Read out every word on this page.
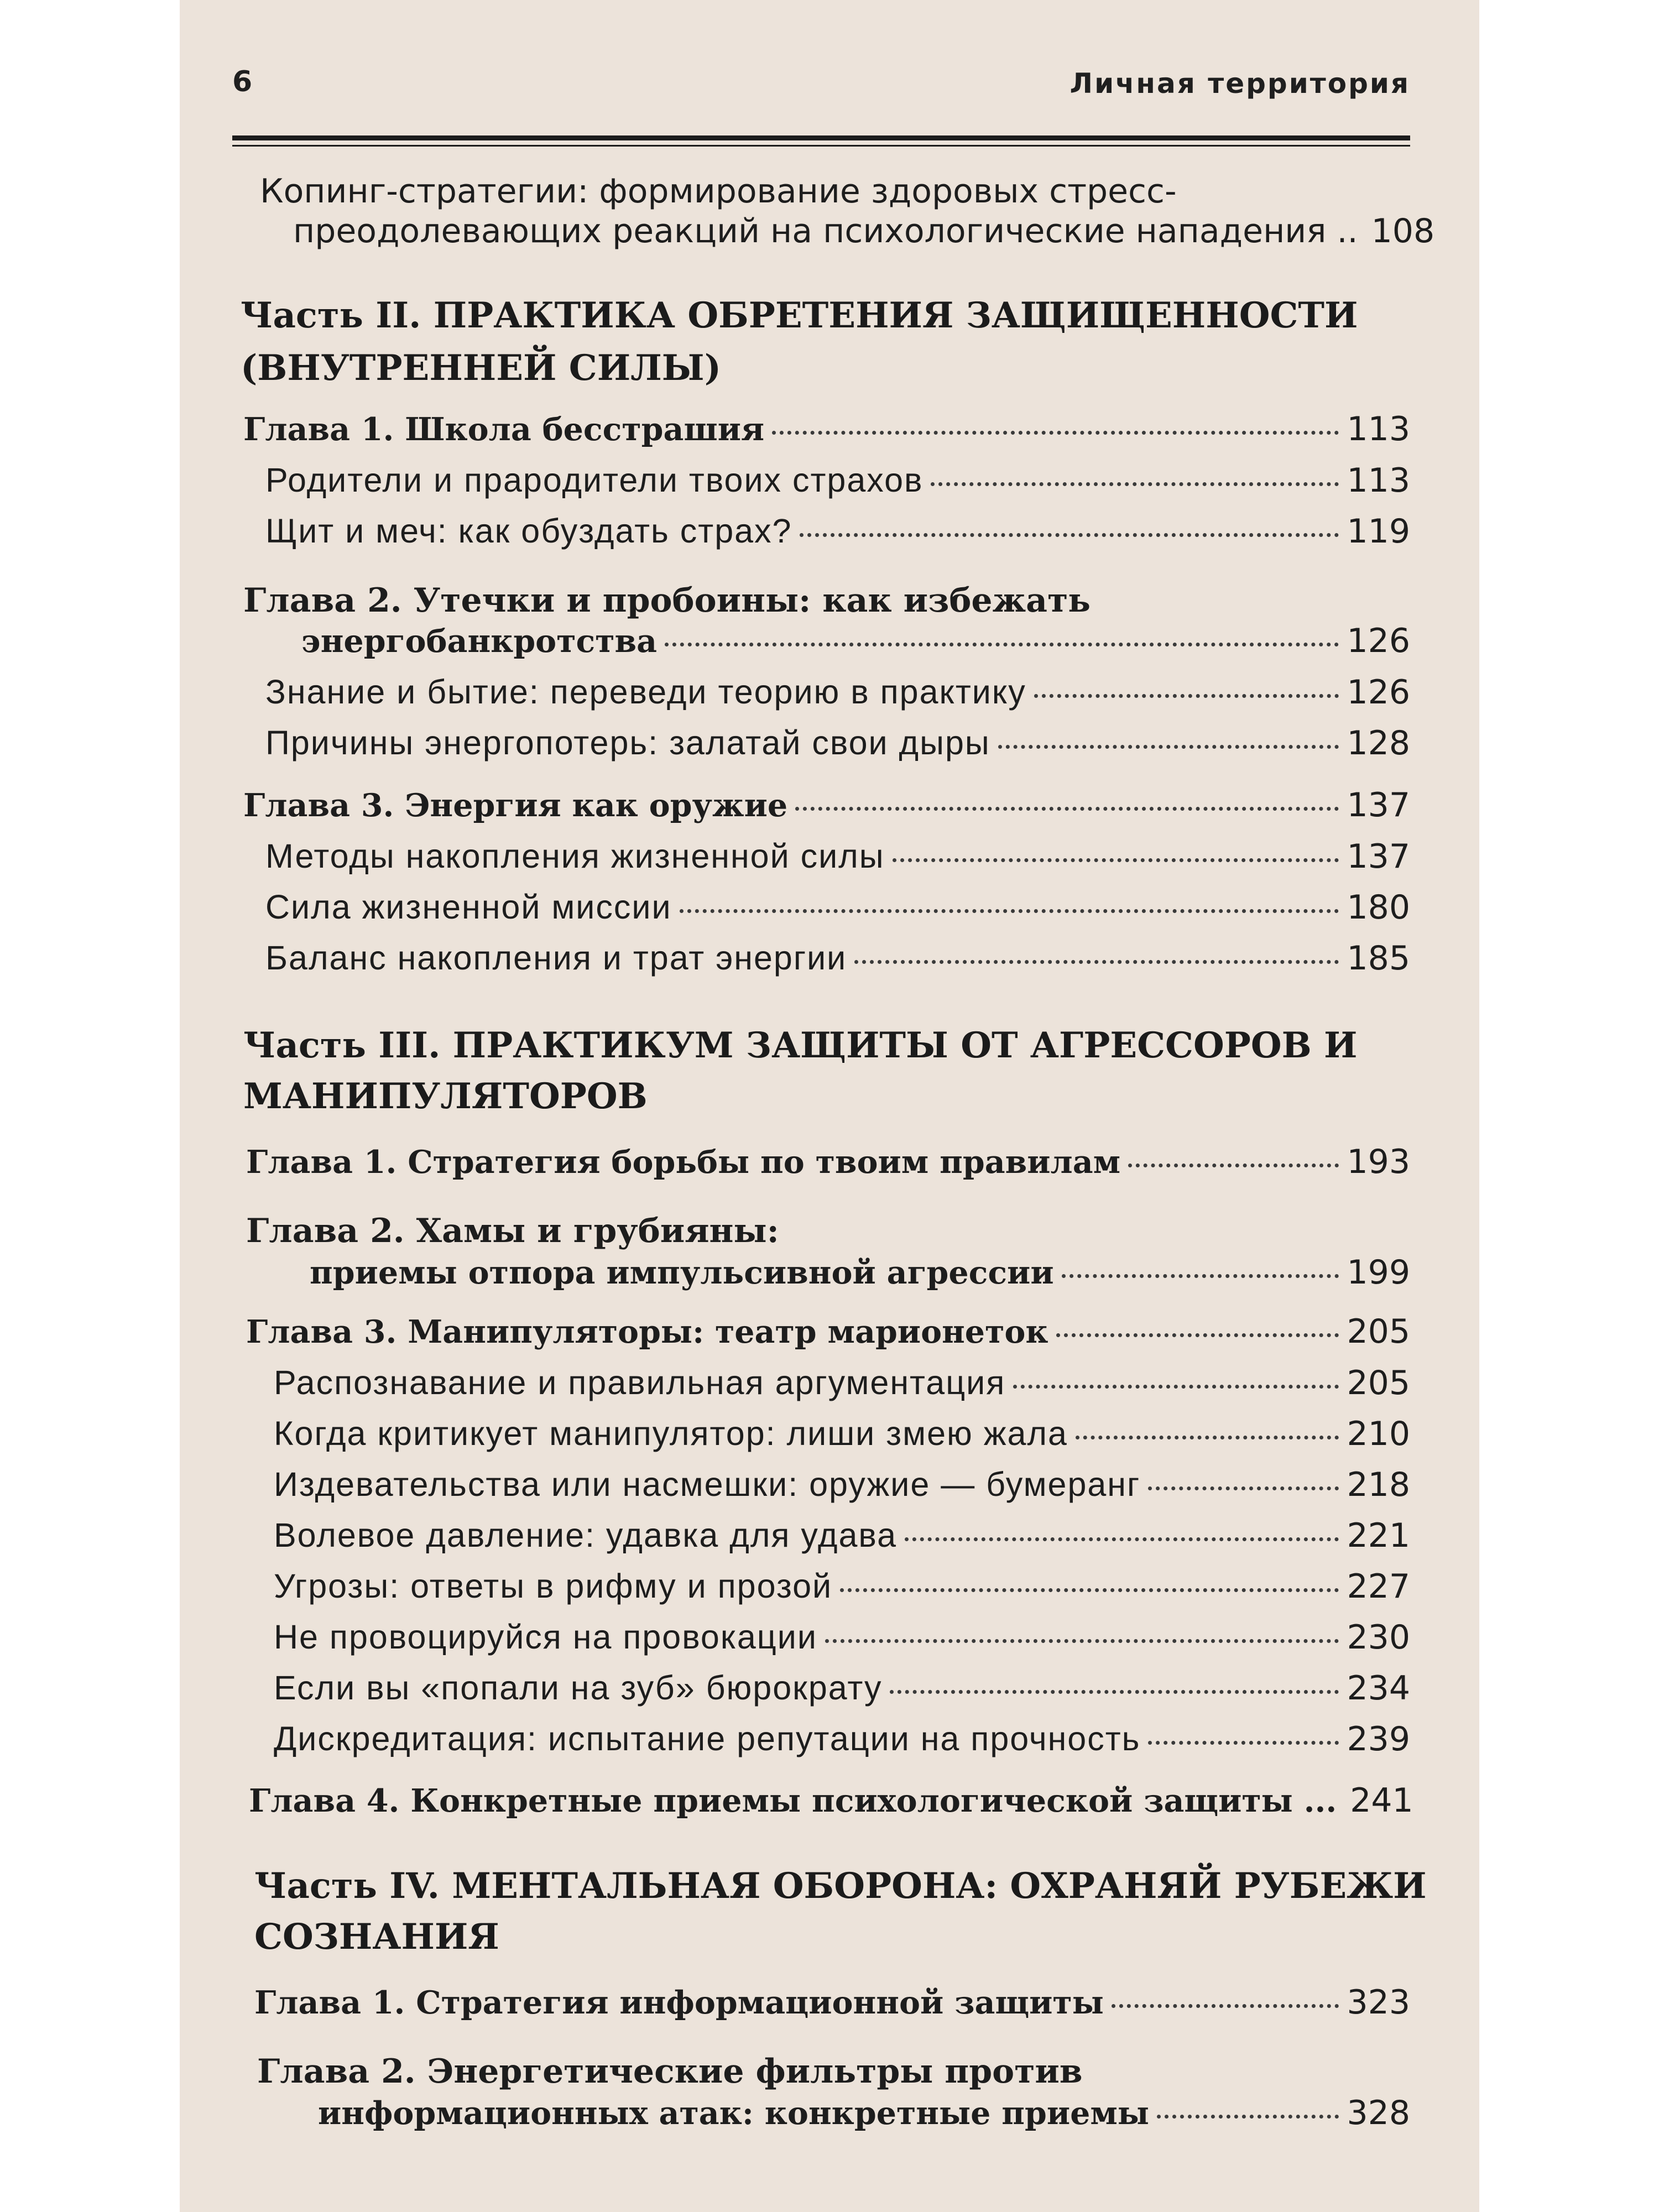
6	Личная территория
Копинг-стратегии: формирование здоровых стресс-
преодолевающих реакций на психологические нападения .. 108
Часть II. ПРАКТИКА ОБРЕТЕНИЯ ЗАЩИЩЕННОСТИ
(ВНУТРЕННЕЙ СИЛЫ)
Глава 1. Школа бесстрашия	113
Родители и прародители твоих страхов	113
Щит и меч: как обуздать страх?	119
Глава 2. Утечки и пробоины: как избежать
энергобанкротства	126
Знание и бытие: переведи теорию в практику	126
Причины энергопотерь: залатай свои дыры	128
Глава 3. Энергия как оружие	137
Методы накопления жизненной силы	137
Сила жизненной миссии	180
Баланс накопления и трат энергии	185
Часть III. ПРАКТИКУМ ЗАЩИТЫ ОТ АГРЕССОРОВ И
МАНИПУЛЯТОРОВ
Глава 1. Стратегия борьбы по твоим правилам	193
Глава 2. Хамы и грубияны:
приемы отпора импульсивной агрессии	199
Глава 3. Манипуляторы: театр марионеток	205
Распознавание и правильная аргументация	205
Когда критикует манипулятор: лиши змею жала	210
Издевательства или насмешки: оружие — бумеранг	218
Волевое давление: удавка для удава	221
Угрозы: ответы в рифму и прозой	227
Не провоцируйся на провокации	230
Если вы «попали на зуб» бюрократу	234
Дискредитация: испытание репутации на прочность	239
Глава 4. Конкретные приемы психологической защиты ... 241
Часть IV. МЕНТАЛЬНАЯ ОБОРОНА: ОХРАНЯЙ РУБЕЖИ
СОЗНАНИЯ
Глава 1. Стратегия информационной защиты	323
Глава 2. Энергетические фильтры против
информационных атак: конкретные приемы	328
